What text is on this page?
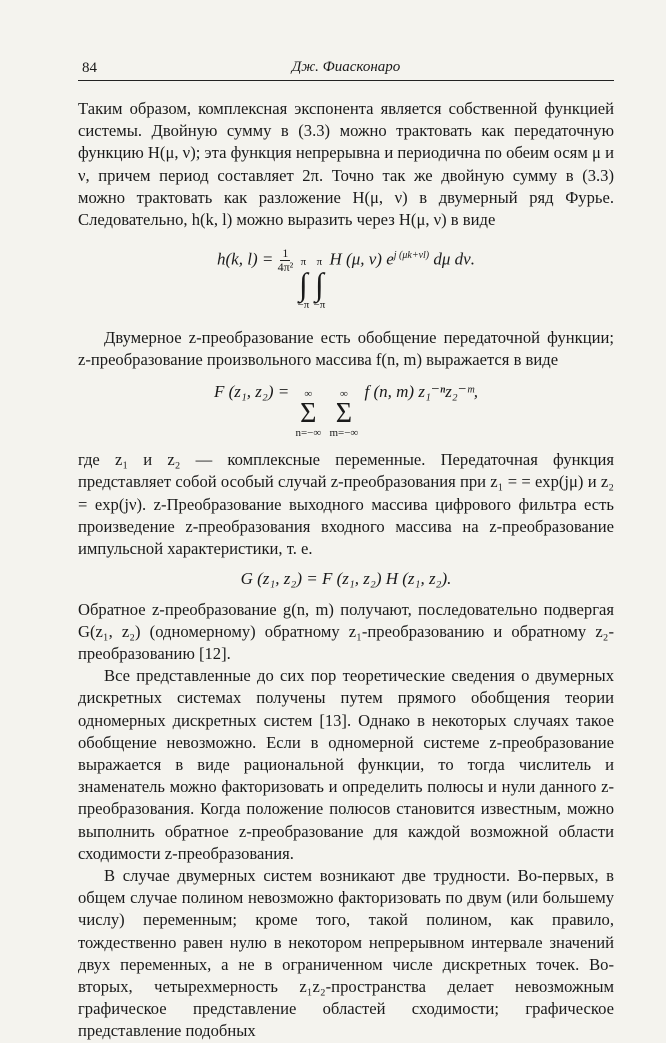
84	Дж. Фиасконаро

Таким образом, комплексная экспонента является собственной функцией системы. Двойную сумму в (3.3) можно трактовать как передаточную функцию H(μ, ν); эта функция непрерывна и периодична по обеим осям μ и ν, причем период составляет 2π. Точно так же двойную сумму в (3.3) можно трактовать как разложение H(μ, ν) в двумерный ряд Фурье. Следовательно, h(k, l) можно выразить через H(μ, ν) в виде

h(k, $l) = \frac{1}{\text{4π²}}$
π
∫
−π

π
∫
−π
H (μ, ν) $e^{j (\mu k+\nu l)}$ dμ dν.

Двумерное z-преобразование есть обобщение передаточной функции; z-преобразование произвольного массива f(n, m) выражается в виде

F (z₁, z₂) = ∞
Σ
n=−∞

∞
Σ
m=−∞
f (n, m) z₁⁻ⁿz₂⁻ᵐ,

где z₁ и z₂ — комплексные переменные. Передаточная функция представляет собой особый случай z-преобразования при z₁ = = exp(jμ) и z₂ = exp(jν). z-Преобразование выходного массива цифрового фильтра есть произведение z-преобразования входного массива на z-преобразование импульсной характеристики, т. е.

G (z₁, z₂) = F (z₁, z₂) H (z₁, z₂).

Обратное z-преобразование g(n, m) получают, последовательно подвергая G(z₁, z₂) (одномерному) обратному z₁-преобразованию и обратному z₂-преобразованию [12].

Все представленные до сих пор теоретические сведения о двумерных дискретных системах получены путем прямого обобщения теории одномерных дискретных систем [13]. Однако в некоторых случаях такое обобщение невозможно. Если в одномерной системе z-преобразование выражается в виде рациональной функции, то тогда числитель и знаменатель можно факторизовать и определить полюсы и нули данного z-преобразования. Когда положение полюсов становится известным, можно выполнить обратное z-преобразование для каждой возможной области сходимости z-преобразования.

В случае двумерных систем возникают две трудности. Во-первых, в общем случае полином невозможно факторизовать по двум (или большему числу) переменным; кроме того, такой полином, как правило, тождественно равен нулю в некотором непрерывном интервале значений двух переменных, а не в ограниченном числе дискретных точек. Во-вторых, четырехмерность z₁z₂-пространства делает невозможным графическое представление областей сходимости; графическое представление подобных
